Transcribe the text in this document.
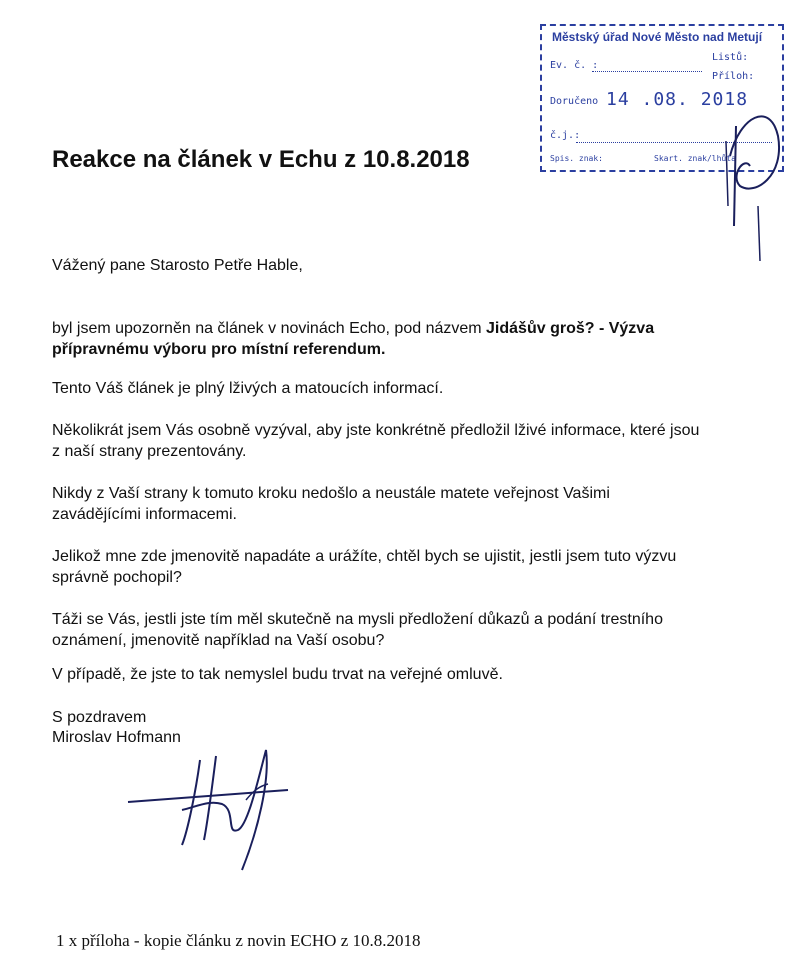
Městský úřad Nové Město nad Metují
Listů:
Ev. č. :
Příloh:
Doručeno 14 .08. 2018
č.j.:
Spis. znak:	Skart. znak/lhůta
Reakce na článek v Echu z 10.8.2018
Vážený pane Starosto Petře Hable,
byl jsem upozorněn na článek v novinách Echo, pod názvem Jidášův groš? - Výzva přípravnému výboru pro místní referendum.
Tento Váš článek je plný lživých a matoucích informací.
Několikrát jsem Vás osobně vyzýval, aby jste konkrétně předložil lživé informace, které jsou z naší strany prezentovány.
Nikdy z Vaší strany k tomuto kroku nedošlo a neustále matete veřejnost Vašimi zavádějícími informacemi.
Jelikož mne zde jmenovitě napadáte a urážíte, chtěl bych se ujistit, jestli jsem tuto výzvu správně pochopil?
Táži se Vás, jestli jste tím měl skutečně na mysli předložení důkazů a podání trestního oznámení, jmenovitě například na Vaší osobu?
V případě, že jste to tak nemyslel budu trvat na veřejné omluvě.
S pozdravem
Miroslav Hofmann
1 x příloha - kopie článku z novin ECHO z 10.8.2018
